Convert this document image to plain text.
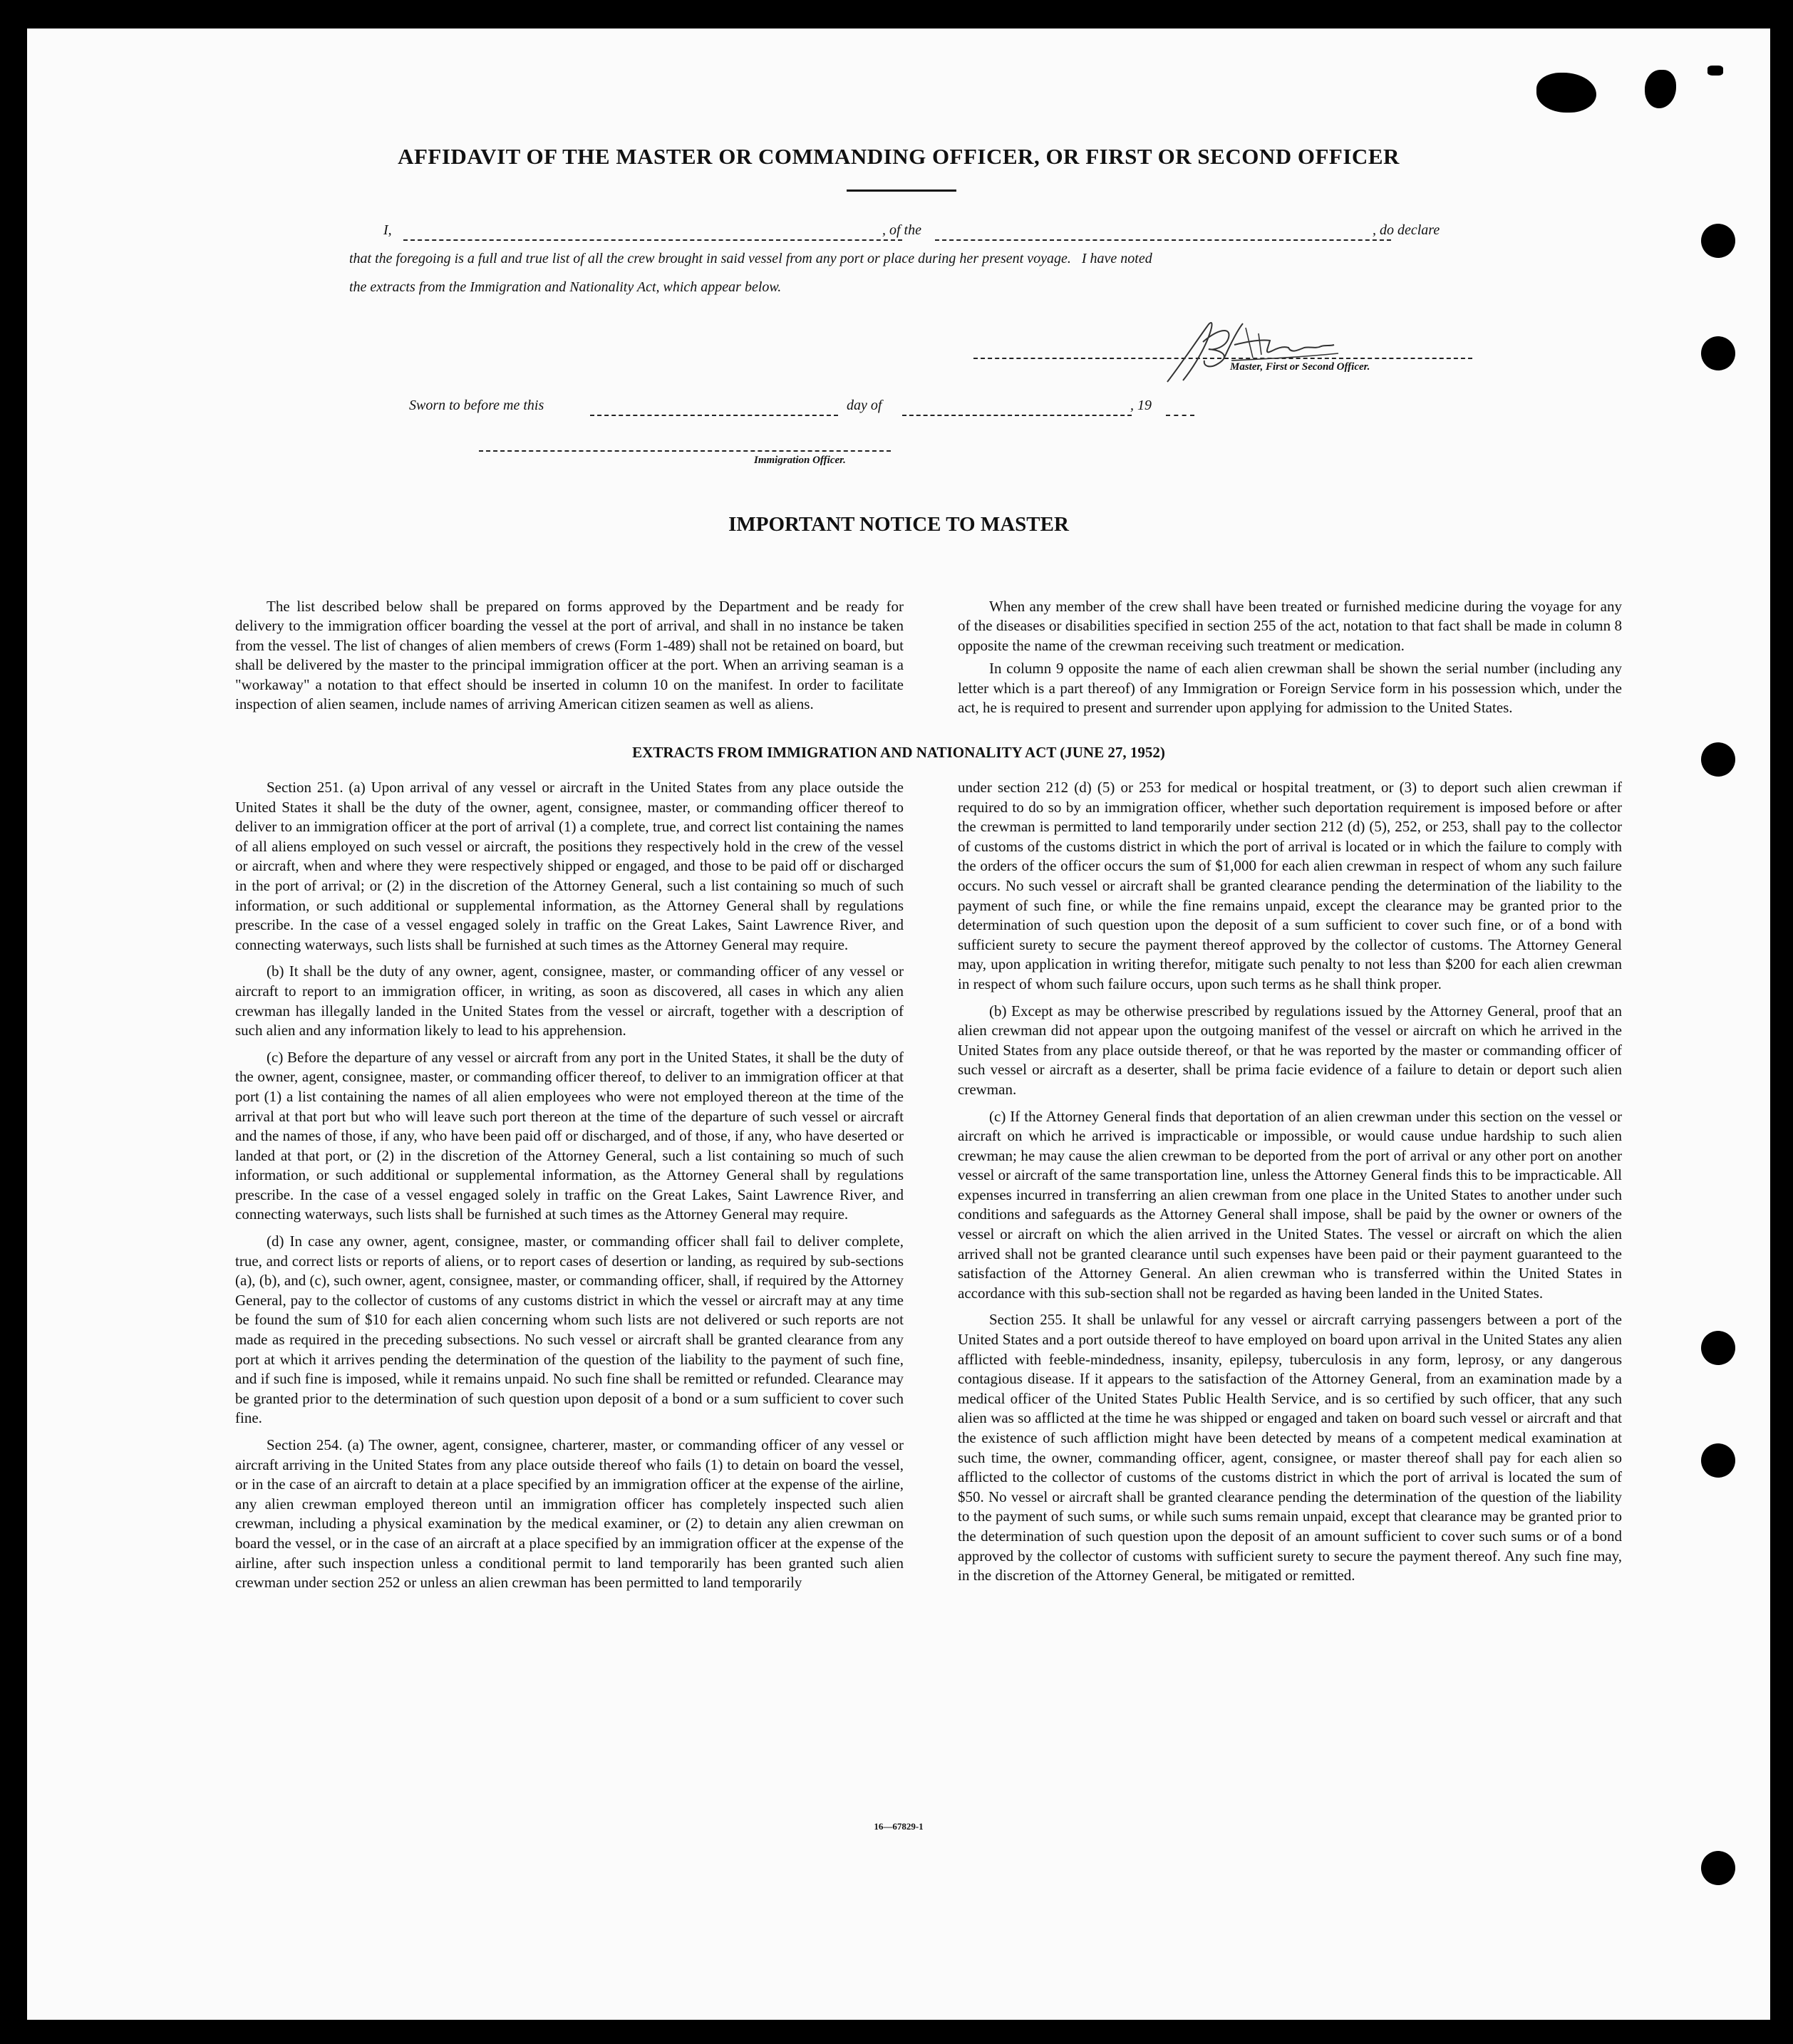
AFFIDAVIT OF THE MASTER OR COMMANDING OFFICER, OR FIRST OR SECOND OFFICER
I,	, of the	, do declare
that the foregoing is a full and true list of all the crew brought in said vessel from any port or place during her present voyage.   I have noted
the extracts from the Immigration and Nationality Act, which appear below.
Master, First or Second Officer.
Sworn to before me this	day of	, 19
Immigration Officer.
IMPORTANT NOTICE TO MASTER

The list described below shall be prepared on forms approved by the Department and be ready for delivery to the immigration officer boarding the vessel at the port of arrival, and shall in no instance be taken from the vessel. The list of changes of alien members of crews (Form 1-489) shall not be retained on board, but shall be delivered by the master to the principal immigration officer at the port. When an arriving seaman is a "workaway" a notation to that effect should be inserted in column 10 on the manifest. In order to facilitate inspection of alien seamen, include names of arriving American citizen seamen as well as aliens.

When any member of the crew shall have been treated or furnished medicine during the voyage for any of the diseases or disabilities specified in section 255 of the act, notation to that fact shall be made in column 8 opposite the name of the crewman receiving such treatment or medication.

In column 9 opposite the name of each alien crewman shall be shown the serial number (including any letter which is a part thereof) of any Immigration or Foreign Service form in his possession which, under the act, he is required to present and surrender upon applying for admission to the United States.

EXTRACTS FROM IMMIGRATION AND NATIONALITY ACT (JUNE 27, 1952)

Section 251. (a) Upon arrival of any vessel or aircraft in the United States from any place outside the United States it shall be the duty of the owner, agent, consignee, master, or commanding officer thereof to deliver to an immigration officer at the port of arrival (1) a complete, true, and correct list containing the names of all aliens employed on such vessel or aircraft, the positions they respectively hold in the crew of the vessel or aircraft, when and where they were respectively shipped or engaged, and those to be paid off or discharged in the port of arrival; or (2) in the discretion of the Attorney General, such a list containing so much of such information, or such additional or supplemental information, as the Attorney General shall by regulations prescribe. In the case of a vessel engaged solely in traffic on the Great Lakes, Saint Lawrence River, and connecting waterways, such lists shall be furnished at such times as the Attorney General may require.

(b) It shall be the duty of any owner, agent, consignee, master, or commanding officer of any vessel or aircraft to report to an immigration officer, in writing, as soon as discovered, all cases in which any alien crewman has illegally landed in the United States from the vessel or aircraft, together with a description of such alien and any information likely to lead to his apprehension.

(c) Before the departure of any vessel or aircraft from any port in the United States, it shall be the duty of the owner, agent, consignee, master, or commanding officer thereof, to deliver to an immigration officer at that port (1) a list containing the names of all alien employees who were not employed thereon at the time of the arrival at that port but who will leave such port thereon at the time of the departure of such vessel or aircraft and the names of those, if any, who have been paid off or discharged, and of those, if any, who have deserted or landed at that port, or (2) in the discretion of the Attorney General, such a list containing so much of such information, or such additional or supplemental information, as the Attorney General shall by regulations prescribe. In the case of a vessel engaged solely in traffic on the Great Lakes, Saint Lawrence River, and connecting waterways, such lists shall be furnished at such times as the Attorney General may require.

(d) In case any owner, agent, consignee, master, or commanding officer shall fail to deliver complete, true, and correct lists or reports of aliens, or to report cases of desertion or landing, as required by sub-sections (a), (b), and (c), such owner, agent, consignee, master, or commanding officer, shall, if required by the Attorney General, pay to the collector of customs of any customs district in which the vessel or aircraft may at any time be found the sum of $10 for each alien concerning whom such lists are not delivered or such reports are not made as required in the preceding subsections. No such vessel or aircraft shall be granted clearance from any port at which it arrives pending the determination of the question of the liability to the payment of such fine, and if such fine is imposed, while it remains unpaid. No such fine shall be remitted or refunded. Clearance may be granted prior to the determination of such question upon deposit of a bond or a sum sufficient to cover such fine.

Section 254. (a) The owner, agent, consignee, charterer, master, or commanding officer of any vessel or aircraft arriving in the United States from any place outside thereof who fails (1) to detain on board the vessel, or in the case of an aircraft to detain at a place specified by an immigration officer at the expense of the airline, any alien crewman employed thereon until an immigration officer has completely inspected such alien crewman, including a physical examination by the medical examiner, or (2) to detain any alien crewman on board the vessel, or in the case of an aircraft at a place specified by an immigration officer at the expense of the airline, after such inspection unless a conditional permit to land temporarily has been granted such alien crewman under section 252 or unless an alien crewman has been permitted to land temporarily

under section 212 (d) (5) or 253 for medical or hospital treatment, or (3) to deport such alien crewman if required to do so by an immigration officer, whether such deportation requirement is imposed before or after the crewman is permitted to land temporarily under section 212 (d) (5), 252, or 253, shall pay to the collector of customs of the customs district in which the port of arrival is located or in which the failure to comply with the orders of the officer occurs the sum of $1,000 for each alien crewman in respect of whom any such failure occurs. No such vessel or aircraft shall be granted clearance pending the determination of the liability to the payment of such fine, or while the fine remains unpaid, except the clearance may be granted prior to the determination of such question upon the deposit of a sum sufficient to cover such fine, or of a bond with sufficient surety to secure the payment thereof approved by the collector of customs. The Attorney General may, upon application in writing therefor, mitigate such penalty to not less than $200 for each alien crewman in respect of whom such failure occurs, upon such terms as he shall think proper.

(b) Except as may be otherwise prescribed by regulations issued by the Attorney General, proof that an alien crewman did not appear upon the outgoing manifest of the vessel or aircraft on which he arrived in the United States from any place outside thereof, or that he was reported by the master or commanding officer of such vessel or aircraft as a deserter, shall be prima facie evidence of a failure to detain or deport such alien crewman.

(c) If the Attorney General finds that deportation of an alien crewman under this section on the vessel or aircraft on which he arrived is impracticable or impossible, or would cause undue hardship to such alien crewman; he may cause the alien crewman to be deported from the port of arrival or any other port on another vessel or aircraft of the same transportation line, unless the Attorney General finds this to be impracticable. All expenses incurred in transferring an alien crewman from one place in the United States to another under such conditions and safeguards as the Attorney General shall impose, shall be paid by the owner or owners of the vessel or aircraft on which the alien arrived in the United States. The vessel or aircraft on which the alien arrived shall not be granted clearance until such expenses have been paid or their payment guaranteed to the satisfaction of the Attorney General. An alien crewman who is transferred within the United States in accordance with this sub-section shall not be regarded as having been landed in the United States.

Section 255. It shall be unlawful for any vessel or aircraft carrying passengers between a port of the United States and a port outside thereof to have employed on board upon arrival in the United States any alien afflicted with feeble-mindedness, insanity, epilepsy, tuberculosis in any form, leprosy, or any dangerous contagious disease. If it appears to the satisfaction of the Attorney General, from an examination made by a medical officer of the United States Public Health Service, and is so certified by such officer, that any such alien was so afflicted at the time he was shipped or engaged and taken on board such vessel or aircraft and that the existence of such affliction might have been detected by means of a competent medical examination at such time, the owner, commanding officer, agent, consignee, or master thereof shall pay for each alien so afflicted to the collector of customs of the customs district in which the port of arrival is located the sum of $50. No vessel or aircraft shall be granted clearance pending the determination of the question of the liability to the payment of such sums, or while such sums remain unpaid, except that clearance may be granted prior to the determination of such question upon the deposit of an amount sufficient to cover such sums or of a bond approved by the collector of customs with sufficient surety to secure the payment thereof. Any such fine may, in the discretion of the Attorney General, be mitigated or remitted.

16—67829-1
